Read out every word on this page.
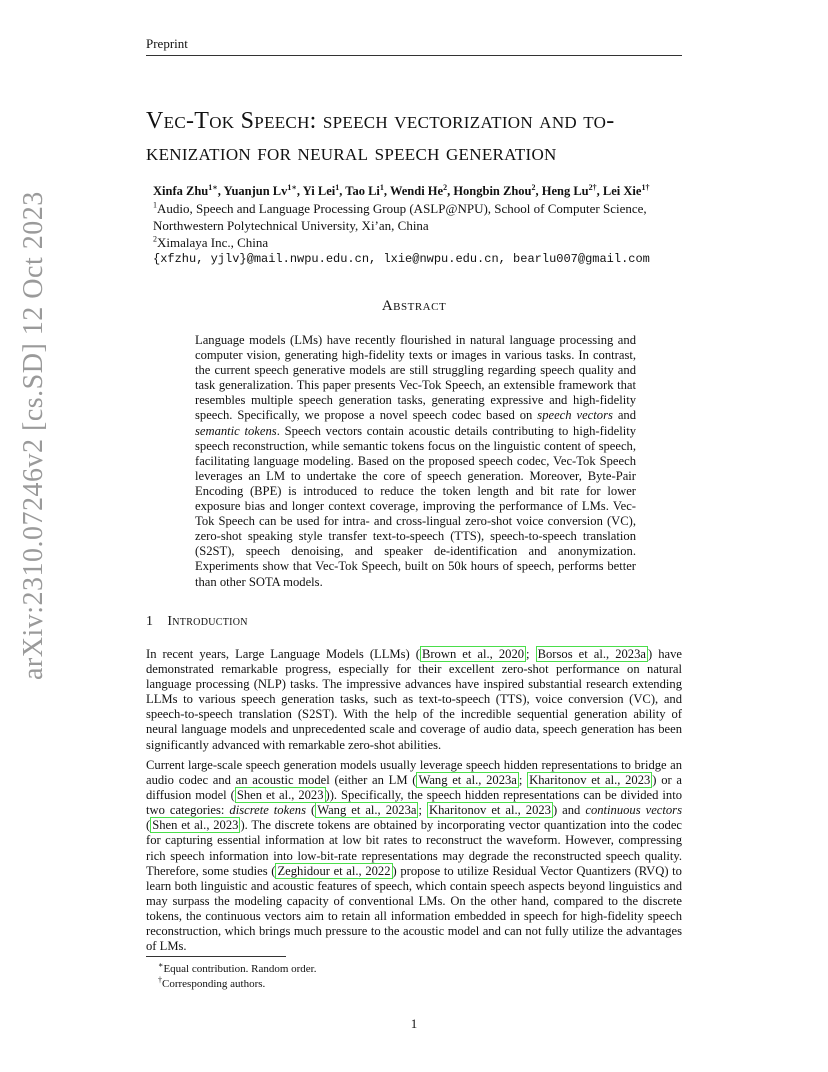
Preprint
arXiv:2310.07246v2 [cs.SD] 12 Oct 2023
Vec-Tok Speech: speech vectorization and to-
kenization for neural speech generation
Xinfa Zhu$^{1∗}$, Yuanjun $Lv^{1∗}$, Yi Lei$^1$, Tao Li$^1$, Wendi He$^2$, Hongbin Zhou$^2$, Heng $Lu^{2\dagger}$, Lei Xie$^{1\dagger}$
$^1$Audio, Speech and Language Processing Group (ASLP@NPU), School of Computer Science,
Northwestern Polytechnical University, Xi’an, China
$^2$Ximalaya Inc., China
{xfzhu, yjlv}@mail.nwpu.edu.cn, lxie@nwpu.edu.cn, bearlu007@gmail.com
Abstract
Language models (LMs) have recently flourished in natural language processing and computer vision, generating high-fidelity texts or images in various tasks. In contrast, the current speech generative models are still struggling regarding speech quality and task generalization. This paper presents Vec-Tok Speech, an extensible framework that resembles multiple speech generation tasks, generating expressive and high-fidelity speech. Specifically, we propose a novel speech codec based on speech vectors and semantic tokens. Speech vectors contain acoustic details contributing to high-fidelity speech reconstruction, while semantic tokens focus on the linguistic content of speech, facilitating language modeling. Based on the proposed speech codec, Vec-Tok Speech leverages an LM to undertake the core of speech generation. Moreover, Byte-Pair Encoding (BPE) is introduced to reduce the token length and bit rate for lower exposure bias and longer context coverage, improving the performance of LMs. Vec-Tok Speech can be used for intra- and cross-lingual zero-shot voice conversion (VC), zero-shot speaking style transfer text-to-speech (TTS), speech-to-speech translation (S2ST), speech denoising, and speaker de-identification and anonymization. Experiments show that Vec-Tok Speech, built on 50k hours of speech, performs better than other SOTA models.
1 Introduction
In recent years, Large Language Models (LLMs) ( Brown et al., 2020 ; Borsos et al., 2023a ) have demonstrated remarkable progress, especially for their excellent zero-shot performance on natural language processing (NLP) tasks. The impressive advances have inspired substantial research extending LLMs to various speech generation tasks, such as text-to-speech (TTS), voice conversion (VC), and speech-to-speech translation (S2ST). With the help of the incredible sequential generation ability of neural language models and unprecedented scale and coverage of audio data, speech generation has been significantly advanced with remarkable zero-shot abilities.
Current large-scale speech generation models usually leverage speech hidden representations to bridge an audio codec and an acoustic model (either an LM ( Wang et al., 2023a ; Kharitonov et al., 2023 ) or a diffusion model ( Shen et al., 2023 )). Specifically, the speech hidden representations can be divided into two categories: discrete tokens ( Wang et al., 2023a ; Kharitonov et al., 2023 ) and continuous vectors ( Shen et al., 2023 ). The discrete tokens are obtained by incorporating vector quantization into the codec for capturing essential information at low bit rates to reconstruct the waveform. However, compressing rich speech information into low-bit-rate representations may degrade the reconstructed speech quality. Therefore, some studies ( Zeghidour et al., 2022 ) propose to utilize Residual Vector Quantizers (RVQ) to learn both linguistic and acoustic features of speech, which contain speech aspects beyond linguistics and may surpass the modeling capacity of conventional LMs. On the other hand, compared to the discrete tokens, the continuous vectors aim to retain all information embedded in speech for high-fidelity speech reconstruction, which brings much pressure to the acoustic model and can not fully utilize the advantages of LMs.
∗Equal contribution. Random order.
†Corresponding authors.
1
